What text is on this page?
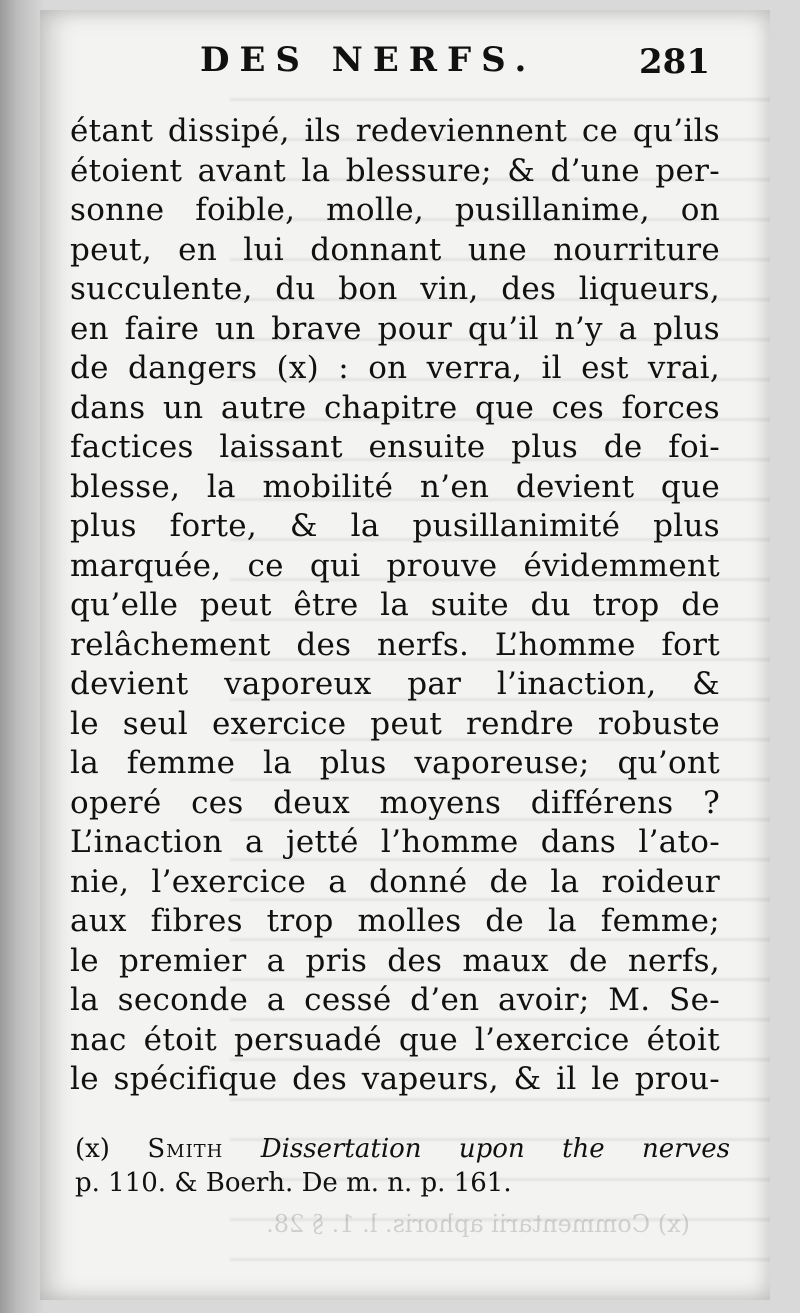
DES NERFS.	281
étant dissipé, ils redeviennent ce qu’ils
étoient avant la blessure; & d’une per-
sonne foible, molle, pusillanime, on
peut, en lui donnant une nourriture
succulente, du bon vin, des liqueurs,
en faire un brave pour qu’il n’y a plus
de dangers (x) : on verra, il est vrai,
dans un autre chapitre que ces forces
factices laissant ensuite plus de foi-
blesse, la mobilité n’en devient que
plus forte, & la pusillanimité plus
marquée, ce qui prouve évidemment
qu’elle peut être la suite du trop de
relâchement des nerfs. L’homme fort
devient vaporeux par l’inaction, &
le seul exercice peut rendre robuste
la femme la plus vaporeuse; qu’ont
operé ces deux moyens différens ?
L’inaction a jetté l’homme dans l’ato-
nie, l’exercice a donné de la roideur
aux fibres trop molles de la femme;
le premier a pris des maux de nerfs,
la seconde a cessé d’en avoir; M. Se-
nac étoit persuadé que l’exercice étoit
le spécifique des vapeurs, & il le prou-
(x) Smith Dissertation upon the nerves
p. 110. & Boerh. De m. n. p. 161.
(x) Commentarii aphoris. l. 1. § 28.
